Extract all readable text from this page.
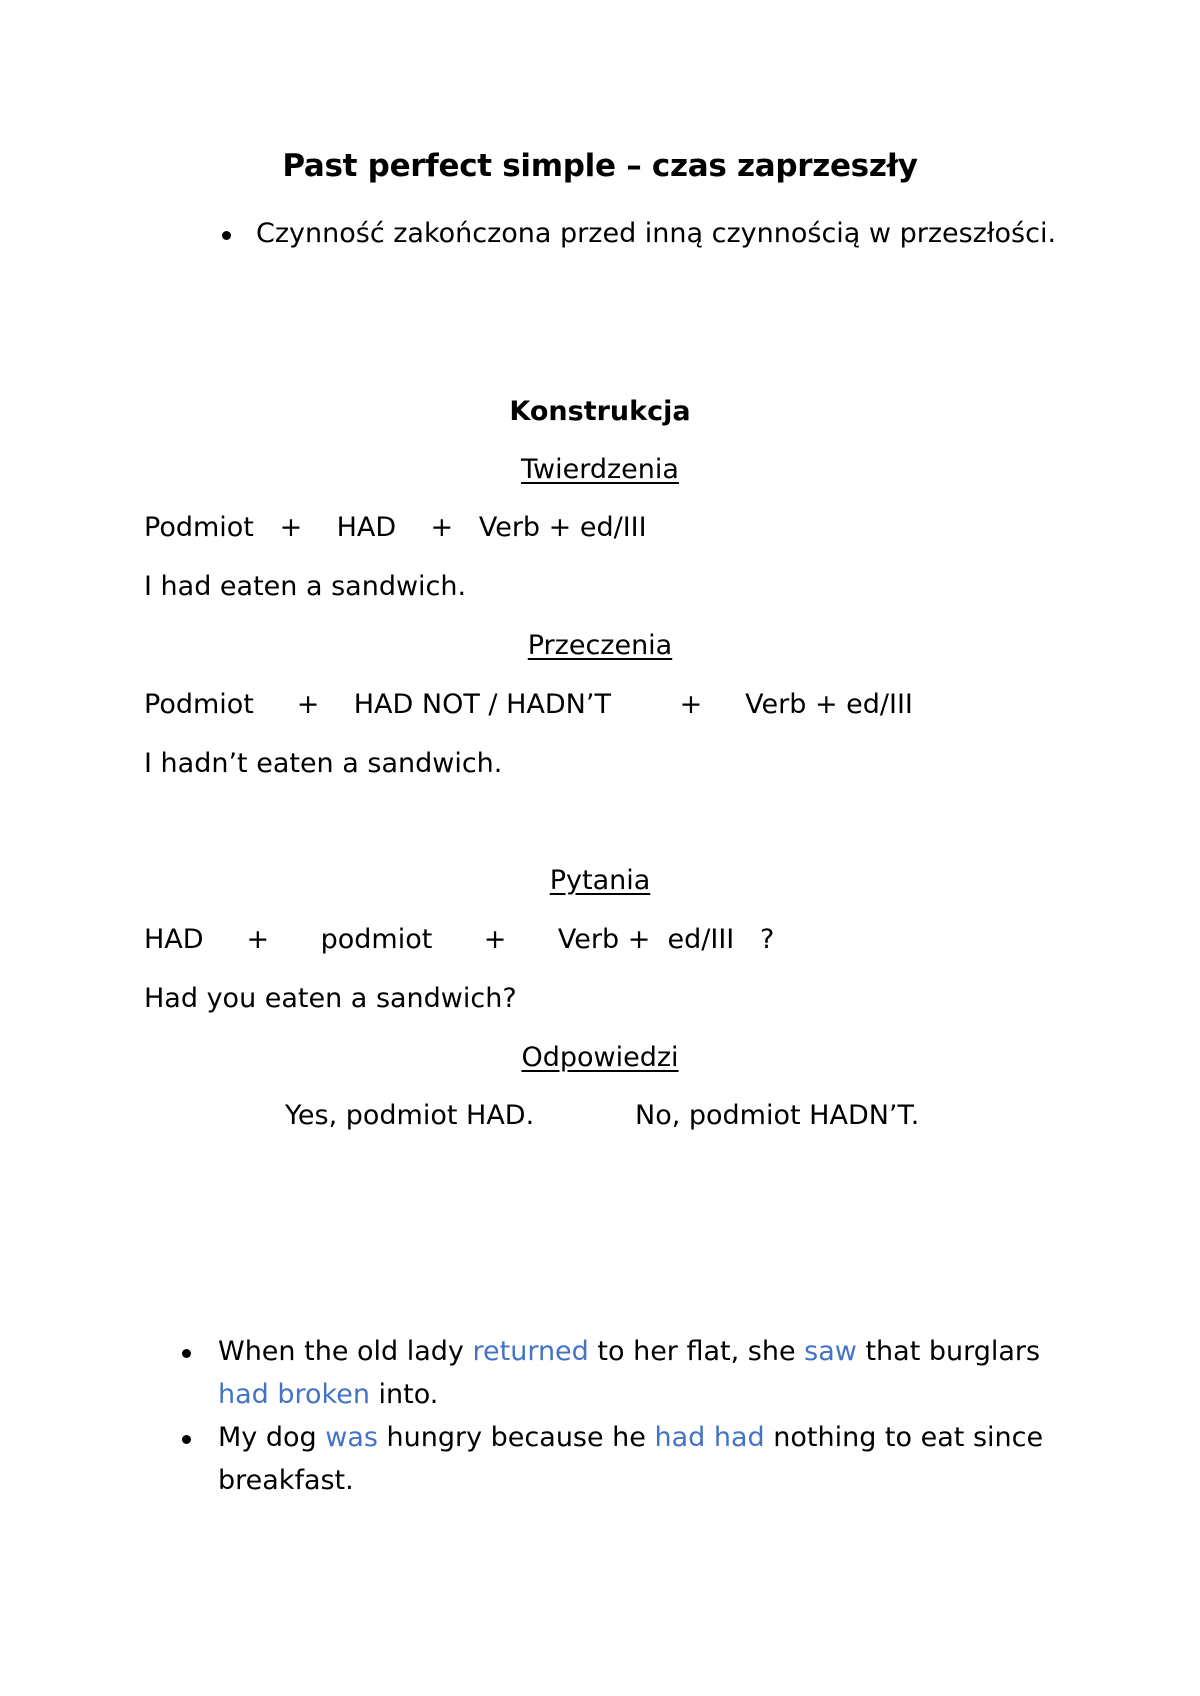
Past perfect simple – czas zaprzeszły
Czynność zakończona przed inną czynnością w przeszłości.
Konstrukcja
Twierdzenia
Podmiot   +    HAD    +   Verb + ed/III
I had eaten a sandwich.
Przeczenia
Podmiot     +    HAD NOT / HADN’T        +     Verb + ed/III
I hadn’t eaten a sandwich.
Pytania
HAD     +      podmiot      +      Verb +  ed/III   ?
Had you eaten a sandwich?
Odpowiedzi
Yes, podmiot HAD.	No, podmiot HADN’T.
When the old lady returned to her flat, she saw that burglars
had broken into.
My dog was hungry because he had had nothing to eat since
breakfast.
